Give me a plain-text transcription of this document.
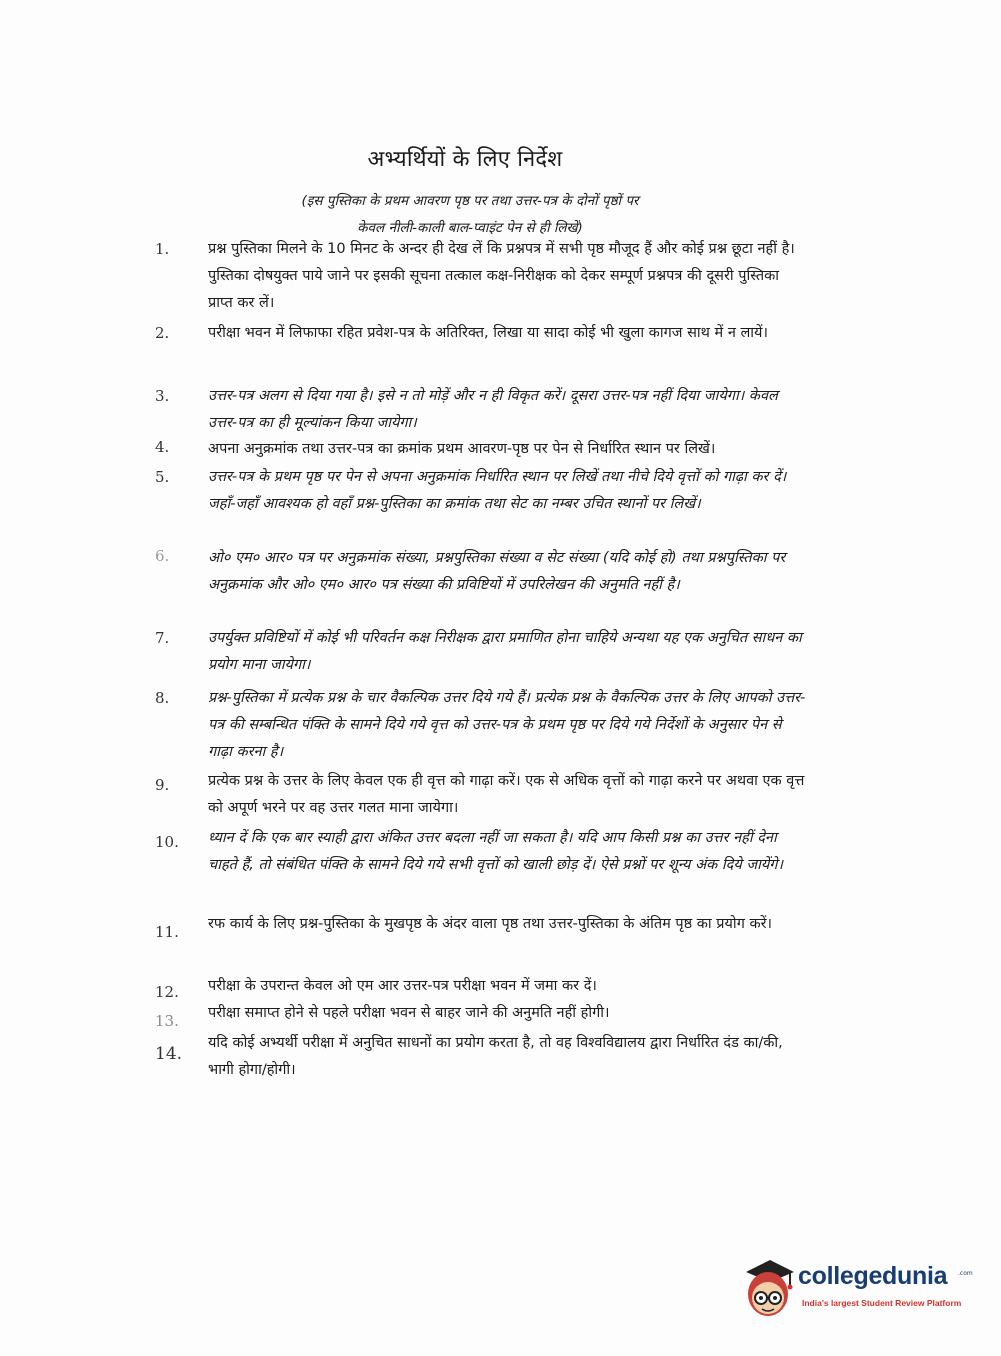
अभ्यर्थियों के लिए निर्देश
(इस पुस्तिका के प्रथम आवरण पृष्ठ पर तथा उत्तर-पत्र के दोनों पृष्ठों पर
केवल नीली-काली बाल-प्वाइंट पेन से ही लिखें)
1.	प्रश्न पुस्तिका मिलने के 10 मिनट के अन्दर ही देख लें कि प्रश्नपत्र में सभी पृष्ठ मौजूद हैं और कोई प्रश्न छूटा नहीं है। पुस्तिका दोषयुक्त पाये जाने पर इसकी सूचना तत्काल कक्ष-निरीक्षक को देकर सम्पूर्ण प्रश्नपत्र की दूसरी पुस्तिका प्राप्त कर लें।
2.	परीक्षा भवन में लिफाफा रहित प्रवेश-पत्र के अतिरिक्त, लिखा या सादा कोई भी खुला कागज साथ में न लायें।
3.	उत्तर-पत्र अलग से दिया गया है। इसे न तो मोड़ें और न ही विकृत करें। दूसरा उत्तर-पत्र नहीं दिया जायेगा। केवल उत्तर-पत्र का ही मूल्यांकन किया जायेगा।
4.	अपना अनुक्रमांक तथा उत्तर-पत्र का क्रमांक प्रथम आवरण-पृष्ठ पर पेन से निर्धारित स्थान पर लिखें।
5.	उत्तर-पत्र के प्रथम पृष्ठ पर पेन से अपना अनुक्रमांक निर्धारित स्थान पर लिखें तथा नीचे दिये वृत्तों को गाढ़ा कर दें। जहाँ-जहाँ आवश्यक हो वहाँ प्रश्न-पुस्तिका का क्रमांक तथा सेट का नम्बर उचित स्थानों पर लिखें।
6.	ओ० एम० आर० पत्र पर अनुक्रमांक संख्या, प्रश्नपुस्तिका संख्या व सेट संख्या (यदि कोई हो) तथा प्रश्नपुस्तिका पर अनुक्रमांक और ओ० एम० आर० पत्र संख्या की प्रविष्टियों में उपरिलेखन की अनुमति नहीं है।
7.	उपर्युक्त प्रविष्टियों में कोई भी परिवर्तन कक्ष निरीक्षक द्वारा प्रमाणित होना चाहिये अन्यथा यह एक अनुचित साधन का प्रयोग माना जायेगा।
8.	प्रश्न-पुस्तिका में प्रत्येक प्रश्न के चार वैकल्पिक उत्तर दिये गये हैं। प्रत्येक प्रश्न के वैकल्पिक उत्तर के लिए आपको उत्तर-पत्र की सम्बन्धित पंक्ति के सामने दिये गये वृत्त को उत्तर-पत्र के प्रथम पृष्ठ पर दिये गये निर्देशों के अनुसार पेन से गाढ़ा करना है।
9.	प्रत्येक प्रश्न के उत्तर के लिए केवल एक ही वृत्त को गाढ़ा करें। एक से अधिक वृत्तों को गाढ़ा करने पर अथवा एक वृत्त को अपूर्ण भरने पर वह उत्तर गलत माना जायेगा।
10.	ध्यान दें कि एक बार स्याही द्वारा अंकित उत्तर बदला नहीं जा सकता है। यदि आप किसी प्रश्न का उत्तर नहीं देना चाहते हैं, तो संबंधित पंक्ति के सामने दिये गये सभी वृत्तों को खाली छोड़ दें। ऐसे प्रश्नों पर शून्य अंक दिये जायेंगे।
11.	रफ कार्य के लिए प्रश्न-पुस्तिका के मुखपृष्ठ के अंदर वाला पृष्ठ तथा उत्तर-पुस्तिका के अंतिम पृष्ठ का प्रयोग करें।
12.	परीक्षा के उपरान्त केवल ओ एम आर उत्तर-पत्र परीक्षा भवन में जमा कर दें।
13.	परीक्षा समाप्त होने से पहले परीक्षा भवन से बाहर जाने की अनुमति नहीं होगी।
14.
यदि कोई अभ्यर्थी परीक्षा में अनुचित साधनों का प्रयोग करता है, तो वह विश्वविद्यालय द्वारा निर्धारित दंड का/की, भागी होगा/होगी।
collegedunia .com
India's largest Student Review Platform
